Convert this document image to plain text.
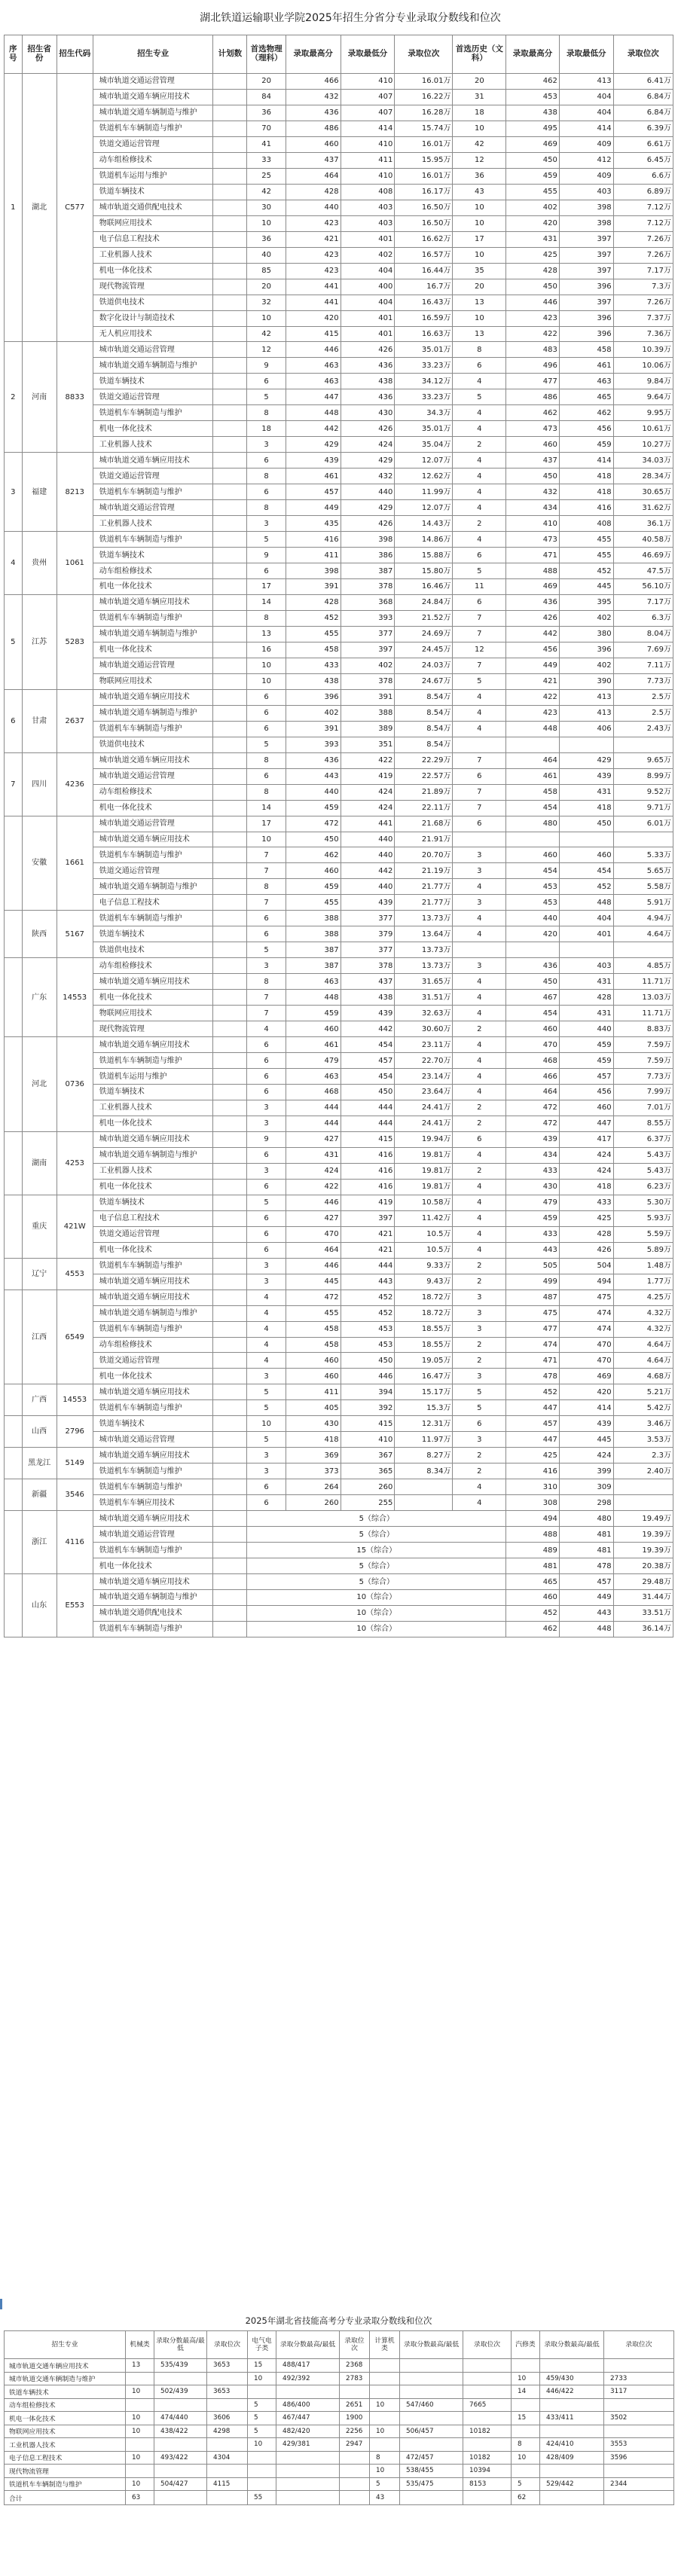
湖北铁道运输职业学院2025年招生分省分专业录取分数线和位次
序号	招生省份	招生代码	招生专业	计划数	首选物理（理科）	录取最高分	录取最低分	录取位次	首选历史（文科）	录取最高分	录取最低分	录取位次
1	湖北	C577	城市轨道交通运营管理		20	466	410	16.01万	20	462	413	6.41万
			城市轨道交通车辆应用技术		84	432	407	16.22万	31	453	404	6.84万
			城市轨道交通车辆制造与维护		36	436	407	16.28万	18	438	404	6.84万
			铁道机车车辆制造与维护		70	486	414	15.74万	10	495	414	6.39万
			铁道交通运营管理		41	460	410	16.01万	42	469	409	6.61万
			动车组检修技术		33	437	411	15.95万	12	450	412	6.45万
			铁道机车运用与维护		25	464	410	16.01万	36	459	409	6.6万
			铁道车辆技术		42	428	408	16.17万	43	455	403	6.89万
			城市轨道交通供配电技术		30	440	403	16.50万	10	402	398	7.12万
			物联网应用技术		10	423	403	16.50万	10	420	398	7.12万
			电子信息工程技术		36	421	401	16.62万	17	431	397	7.26万
			工业机器人技术		40	423	402	16.57万	10	425	397	7.26万
			机电一体化技术		85	423	404	16.44万	35	428	397	7.17万
			现代物流管理		20	441	400	16.7万	20	450	396	7.3万
			铁道供电技术		32	441	404	16.43万	13	446	397	7.26万
			数字化设计与制造技术		10	420	401	16.59万	10	423	396	7.37万
			无人机应用技术		42	415	401	16.63万	13	422	396	7.36万
2	河南	8833	城市轨道交通运营管理		12	446	426	35.01万	8	483	458	10.39万
			城市轨道交通车辆制造与维护		9	463	436	33.23万	6	496	461	10.06万
			铁道车辆技术		6	463	438	34.12万	4	477	463	9.84万
			铁道交通运营管理		5	447	436	33.23万	5	486	465	9.64万
			铁道机车车辆制造与维护		8	448	430	34.3万	4	462	462	9.95万
			机电一体化技术		18	442	426	35.01万	4	473	456	10.61万
			工业机器人技术		3	429	424	35.04万	2	460	459	10.27万
3	福建	8213	城市轨道交通车辆应用技术		6	439	429	12.07万	4	437	414	34.03万
			铁道交通运营管理		8	461	432	12.62万	4	450	418	28.34万
			铁道机车车辆制造与维护		6	457	440	11.99万	4	432	418	30.65万
			城市轨道交通运营管理		8	449	429	12.07万	4	434	416	31.62万
			工业机器人技术		3	435	426	14.43万	2	410	408	36.1万
4	贵州	1061	铁道机车车辆制造与维护		5	416	398	14.86万	4	473	455	40.58万
			铁道车辆技术		9	411	386	15.88万	6	471	455	46.69万
			动车组检修技术		6	398	387	15.80万	5	488	452	47.5万
			机电一体化技术		17	391	378	16.46万	11	469	445	56.10万
5	江苏	5283	城市轨道交通车辆应用技术		14	428	368	24.84万	6	436	395	7.17万
			铁道机车车辆制造与维护		8	452	393	21.52万	7	426	402	6.3万
			城市轨道交通车辆制造与维护		13	455	377	24.69万	7	442	380	8.04万
			机电一体化技术		16	458	397	24.45万	12	456	396	7.69万
			城市轨道交通运营管理		10	433	402	24.03万	7	449	402	7.11万
			物联网应用技术		10	438	378	24.67万	5	421	390	7.73万
6	甘肃	2637	城市轨道交通车辆应用技术		6	396	391	8.54万	4	422	413	2.5万
			城市轨道交通车辆制造与维护		6	402	388	8.54万	4	423	413	2.5万
			铁道机车车辆制造与维护		6	391	389	8.54万	4	448	406	2.43万
			铁道供电技术		5	393	351	8.54万				
7	四川	4236	城市轨道交通车辆应用技术		8	436	422	22.29万	7	464	429	9.65万
			城市轨道交通运营管理		6	443	419	22.57万	6	461	439	8.99万
			动车组检修技术		8	440	424	21.89万	7	458	431	9.52万
			机电一体化技术		14	459	424	22.11万	7	454	418	9.71万
	安徽	1661	城市轨道交通运营管理		17	472	441	21.68万	6	480	450	6.01万
			城市轨道交通车辆应用技术		10	450	440	21.91万				
			铁道机车车辆制造与维护		7	462	440	20.70万	3	460	460	5.33万
			铁道交通运营管理		7	460	442	21.19万	3	454	454	5.65万
			城市轨道交通车辆制造与维护		8	459	440	21.77万	4	453	452	5.58万
			电子信息工程技术		7	455	439	21.77万	3	453	448	5.91万
	陕西	5167	铁道机车车辆制造与维护		6	388	377	13.73万	4	440	404	4.94万
			铁道车辆技术		6	388	379	13.64万	4	420	401	4.64万
			铁道供电技术		5	387	377	13.73万				
	广东	14553	动车组检修技术		3	387	378	13.73万	3	436	403	4.85万
			城市轨道交通车辆应用技术		8	463	437	31.65万	4	450	431	11.71万
			机电一体化技术		7	448	438	31.51万	4	467	428	13.03万
			物联网应用技术		7	459	439	32.63万	4	454	431	11.71万
			现代物流管理		4	460	442	30.60万	2	460	440	8.83万
	河北	0736	城市轨道交通车辆应用技术		6	461	454	23.11万	4	470	459	7.59万
			铁道机车车辆制造与维护		6	479	457	22.70万	4	468	459	7.59万
			铁道机车运用与维护		6	463	454	23.14万	4	466	457	7.73万
			铁道车辆技术		6	468	450	23.64万	4	464	456	7.99万
			工业机器人技术		3	444	444	24.41万	2	472	460	7.01万
			机电一体化技术		3	444	444	24.41万	2	472	447	8.55万
	湖南	4253	城市轨道交通车辆应用技术		9	427	415	19.94万	6	439	417	6.37万
			城市轨道交通车辆制造与维护		6	431	416	19.81万	4	434	424	5.43万
			工业机器人技术		3	424	416	19.81万	2	433	424	5.43万
			机电一体化技术		6	422	416	19.81万	4	430	418	6.23万
	重庆	421W	铁道车辆技术		5	446	419	10.58万	4	479	433	5.30万
			电子信息工程技术		6	427	397	11.42万	4	459	425	5.93万
			铁道交通运营管理		6	470	421	10.5万	4	433	428	5.59万
			机电一体化技术		6	464	421	10.5万	4	443	426	5.89万
	辽宁	4553	铁道机车车辆制造与维护		3	446	444	9.33万	2	505	504	1.48万
			城市轨道交通车辆应用技术		3	445	443	9.43万	2	499	494	1.77万
	江西	6549	城市轨道交通车辆应用技术		4	472	452	18.72万	3	487	475	4.25万
			城市轨道交通车辆制造与维护		4	455	452	18.72万	3	475	474	4.32万
			铁道机车车辆制造与维护		4	458	453	18.55万	3	477	474	4.32万
			动车组检修技术		4	458	453	18.55万	2	474	470	4.64万
			铁道交通运营管理		4	460	450	19.05万	2	471	470	4.64万
			机电一体化技术		3	460	446	16.47万	3	478	469	4.68万
	广西	14553	城市轨道交通车辆应用技术		5	411	394	15.17万	5	452	420	5.21万
			铁道机车车辆制造与维护		5	405	392	15.3万	5	447	414	5.42万
	山西	2796	铁道车辆技术		10	430	415	12.31万	6	457	439	3.46万
			城市轨道交通运营管理		5	418	410	11.97万	3	447	445	3.53万
	黑龙江	5149	城市轨道交通车辆应用技术		3	369	367	8.27万	2	425	424	2.3万
			铁道机车车辆制造与维护		3	373	365	8.34万	2	416	399	2.40万
	新疆	3546	铁道机车车辆制造与维护		6	264	260		4	310	309	
			铁道机车车辆应用技术		6	260	255		4	308	298	
	浙江	4116	城市轨道交通车辆应用技术		5（综合）					494	480	19.49万
			城市轨道交通运营管理		5（综合）					488	481	19.39万
			铁道机车车辆制造与维护		15（综合）					489	481	19.39万
			机电一体化技术		5（综合）					481	478	20.38万
	山东	E553	城市轨道交通车辆应用技术		5（综合）					465	457	29.48万
			城市轨道交通车辆制造与维护		10（综合）					460	449	31.44万
			城市轨道交通供配电技术		10（综合）					452	443	33.51万
			铁道机车车辆制造与维护		10（综合）					462	448	36.14万
2025年湖北省技能高考分专业录取分数线和位次
招生专业	机械类	录取分数最高/最低	录取位次	电气电子类	录取分数最高/最低	录取位次	计算机类	录取分数最高/最低	录取位次	汽修类	录取分数最高/最低	录取位次
城市轨道交通车辆应用技术	13	535/439	3653	15	488/417	2368						
城市轨道交通车辆制造与维护				10	492/392	2783				10	459/430	2733
铁道车辆技术	10	502/439	3653							14	446/422	3117
动车组检修技术				5	486/400	2651	10	547/460	7665			
机电一体化技术	10	474/440	3606	5	467/447	1900				15	433/411	3502
物联网应用技术	10	438/422	4298	5	482/420	2256	10	506/457	10182			
工业机器人技术				10	429/381	2947				8	424/410	3553
电子信息工程技术	10	493/422	4304				8	472/457	10182	10	428/409	3596
现代物流管理							10	538/455	10394			
铁道机车车辆制造与维护	10	504/427	4115				5	535/475	8153	5	529/442	2344
合计	63			55			43			62		
